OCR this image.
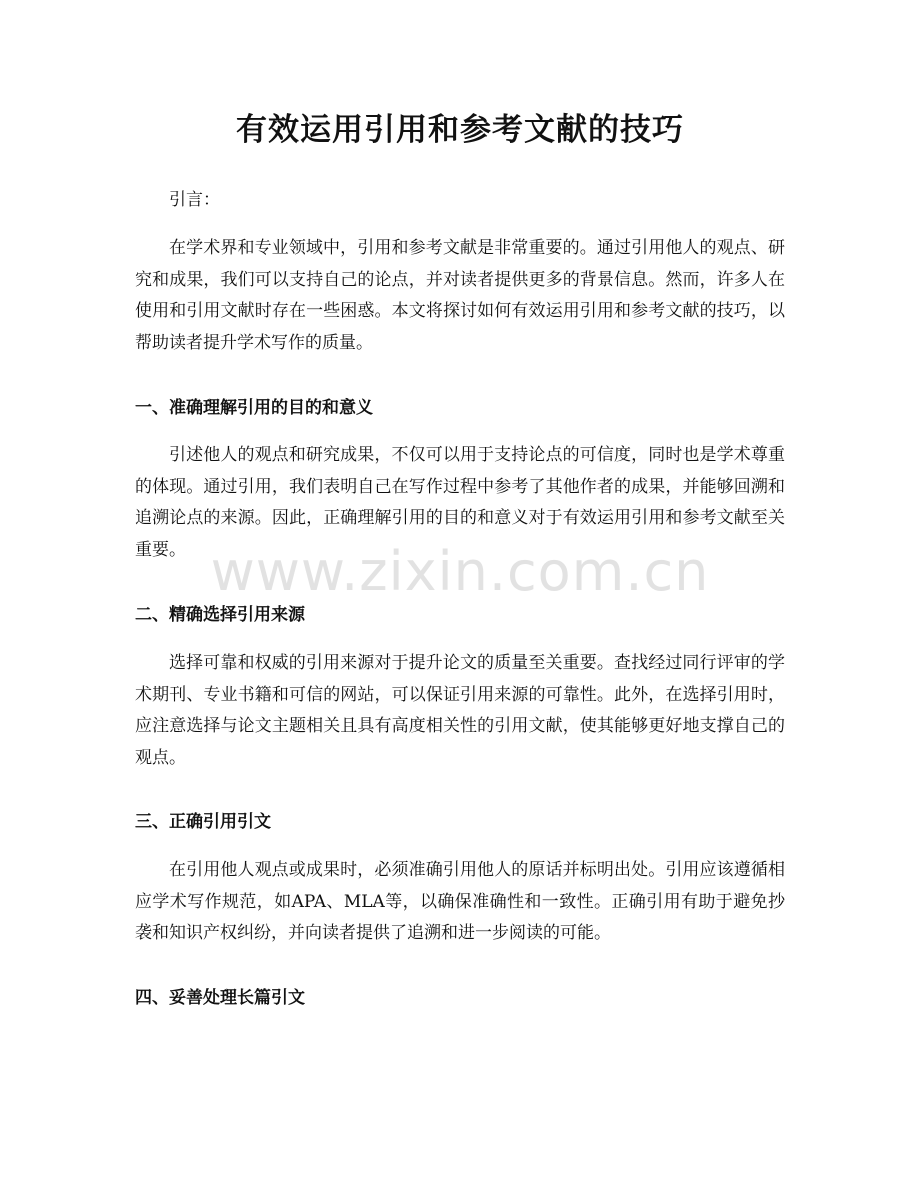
有效运用引用和参考文献的技巧

引言：

在学术界和专业领域中，引用和参考文献是非常重要的。通过引用他人的观点、研究和成果，我们可以支持自己的论点，并对读者提供更多的背景信息。然而，许多人在使用和引用文献时存在一些困惑。本文将探讨如何有效运用引用和参考文献的技巧，以帮助读者提升学术写作的质量。

一、准确理解引用的目的和意义

引述他人的观点和研究成果，不仅可以用于支持论点的可信度，同时也是学术尊重的体现。通过引用，我们表明自己在写作过程中参考了其他作者的成果，并能够回溯和追溯论点的来源。因此，正确理解引用的目的和意义对于有效运用引用和参考文献至关重要。

二、精确选择引用来源

选择可靠和权威的引用来源对于提升论文的质量至关重要。查找经过同行评审的学术期刊、专业书籍和可信的网站，可以保证引用来源的可靠性。此外，在选择引用时，应注意选择与论文主题相关且具有高度相关性的引用文献，使其能够更好地支撑自己的观点。

三、正确引用引文

在引用他人观点或成果时，必须准确引用他人的原话并标明出处。引用应该遵循相应学术写作规范，如APA、MLA等，以确保准确性和一致性。正确引用有助于避免抄袭和知识产权纠纷，并向读者提供了追溯和进一步阅读的可能。

四、妥善处理长篇引文
www.zixin.com.cn
